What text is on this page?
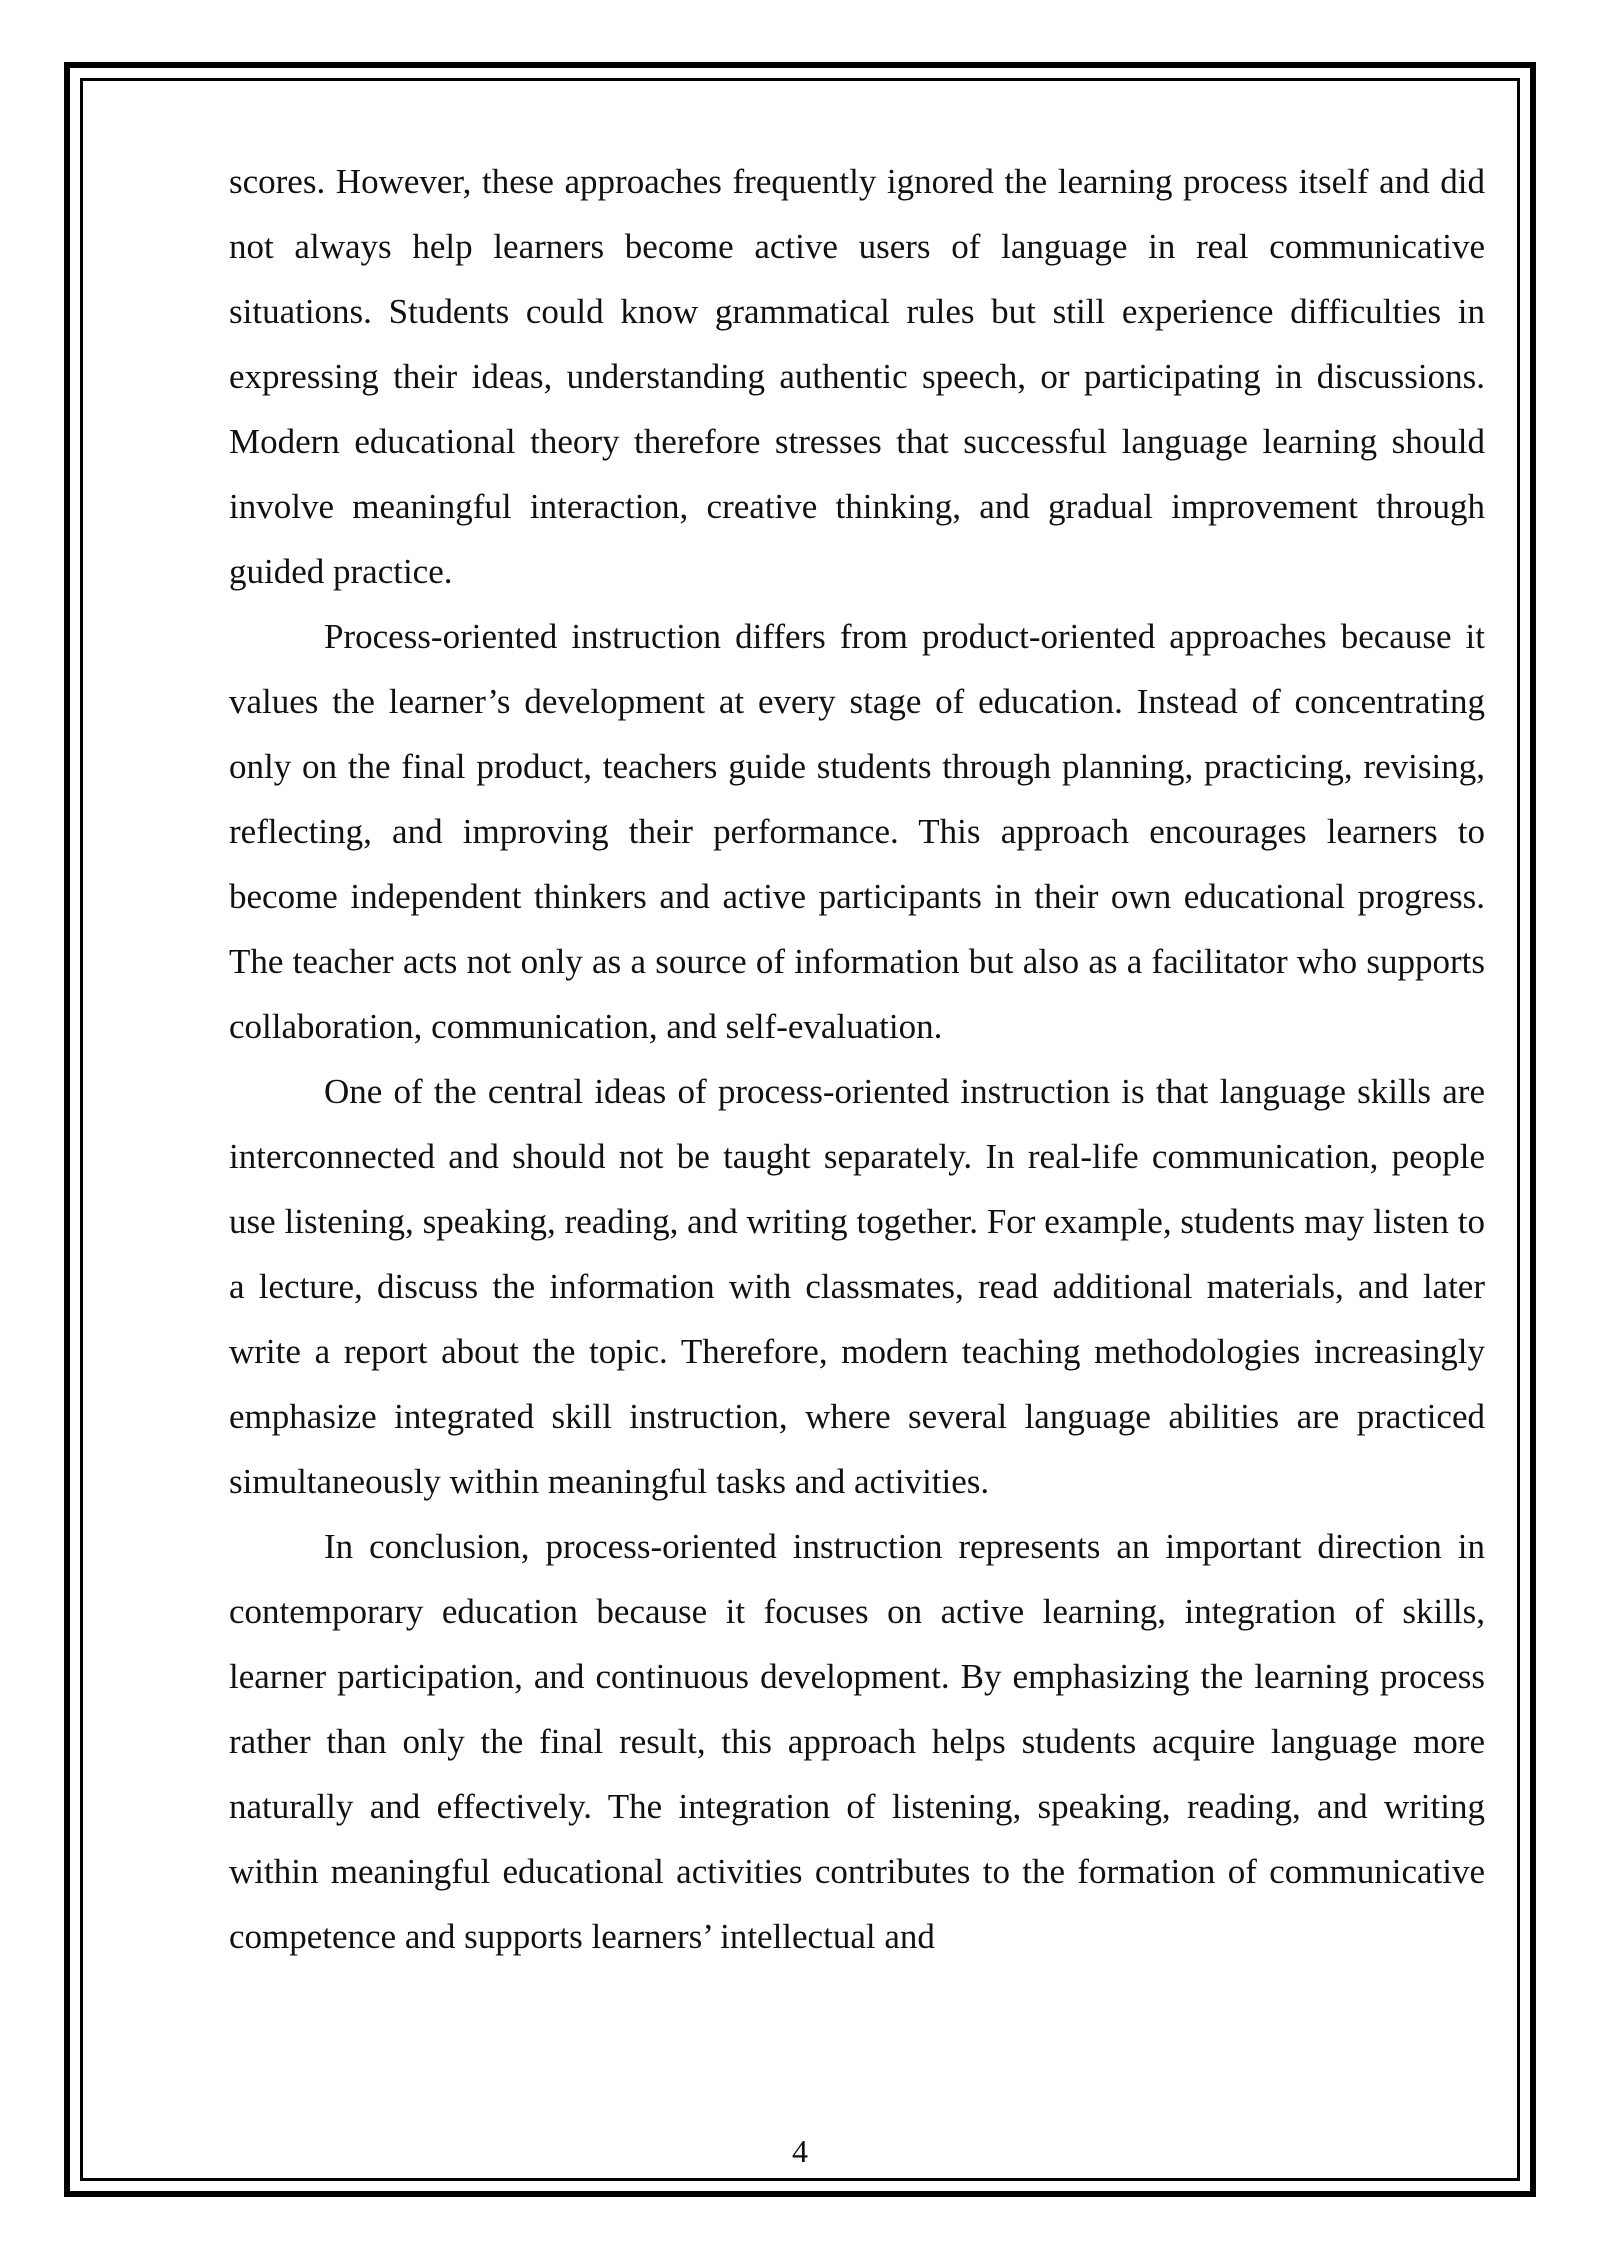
scores. However, these approaches frequently ignored the learning process itself and did not always help learners become active users of language in real communicative situations. Students could know grammatical rules but still experience difficulties in expressing their ideas, understanding authentic speech, or participating in discussions. Modern educational theory therefore stresses that successful language learning should involve meaningful interaction, creative thinking, and gradual improvement through guided practice.

Process-oriented instruction differs from product-oriented approaches because it values the learner’s development at every stage of education. Instead of concentrating only on the final product, teachers guide students through planning, practicing, revising, reflecting, and improving their performance. This approach encourages learners to become independent thinkers and active participants in their own educational progress. The teacher acts not only as a source of information but also as a facilitator who supports collaboration, communication, and self-evaluation.

One of the central ideas of process-oriented instruction is that language skills are interconnected and should not be taught separately. In real-life communication, people use listening, speaking, reading, and writing together. For example, students may listen to a lecture, discuss the information with classmates, read additional materials, and later write a report about the topic. Therefore, modern teaching methodologies increasingly emphasize integrated skill instruction, where several language abilities are practiced simultaneously within meaningful tasks and activities.

In conclusion, process-oriented instruction represents an important direction in contemporary education because it focuses on active learning, integration of skills, learner participation, and continuous development. By emphasizing the learning process rather than only the final result, this approach helps students acquire language more naturally and effectively. The integration of listening, speaking, reading, and writing within meaningful educational activities contributes to the formation of communicative competence and supports learners’ intellectual and

4
